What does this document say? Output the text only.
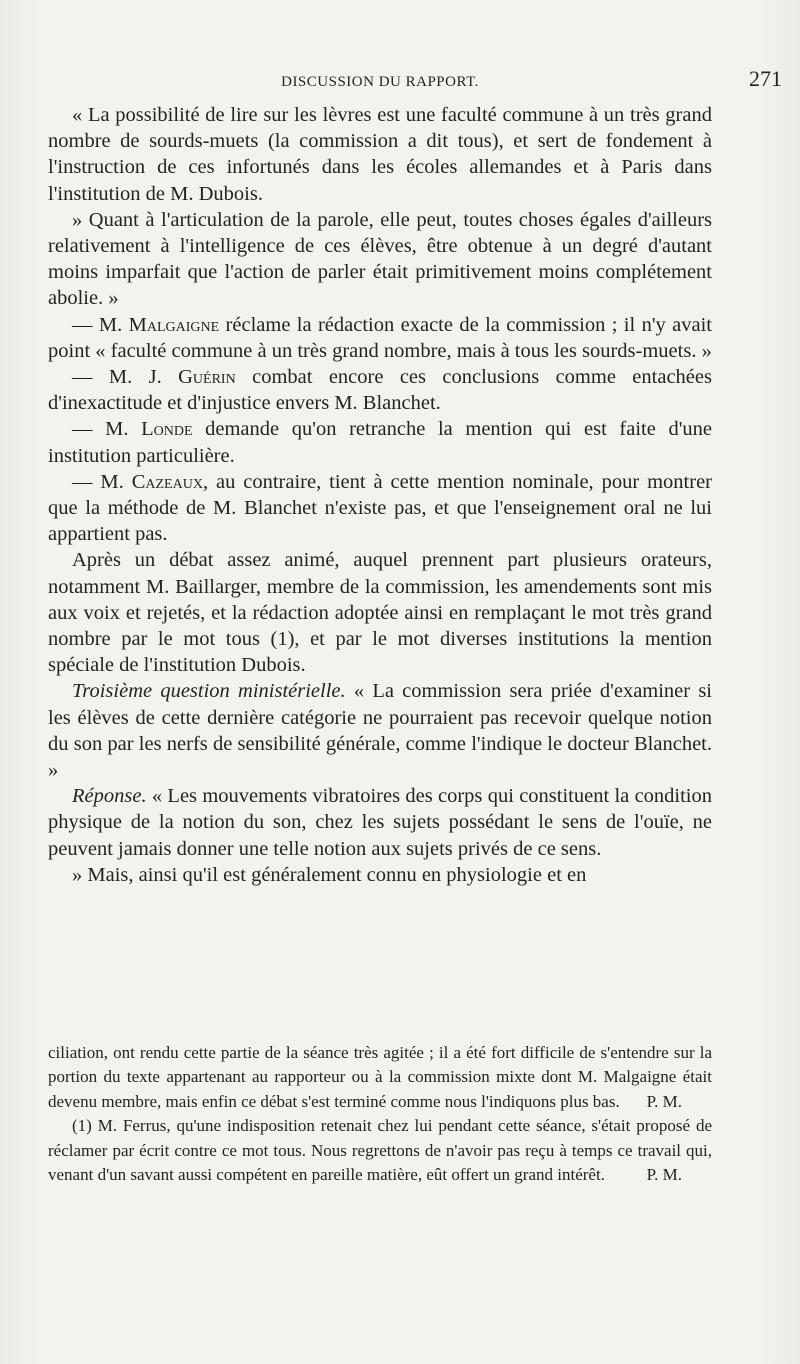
DISCUSSION DU RAPPORT.	271

« La possibilité de lire sur les lèvres est une faculté commune à un très grand nombre de sourds-muets (la commission a dit tous), et sert de fondement à l'instruction de ces infortunés dans les écoles allemandes et à Paris dans l'institution de M. Dubois.

» Quant à l'articulation de la parole, elle peut, toutes choses égales d'ailleurs relativement à l'intelligence de ces élèves, être obtenue à un degré d'autant moins imparfait que l'action de parler était primitivement moins complétement abolie. »

— M. Malgaigne réclame la rédaction exacte de la commission ; il n'y avait point « faculté commune à un très grand nombre, mais à tous les sourds-muets. »

— M. J. Guérin combat encore ces conclusions comme entachées d'inexactitude et d'injustice envers M. Blanchet.

— M. Londe demande qu'on retranche la mention qui est faite d'une institution particulière.

— M. Cazeaux, au contraire, tient à cette mention nominale, pour montrer que la méthode de M. Blanchet n'existe pas, et que l'enseignement oral ne lui appartient pas.

Après un débat assez animé, auquel prennent part plusieurs orateurs, notamment M. Baillarger, membre de la commission, les amendements sont mis aux voix et rejetés, et la rédaction adoptée ainsi en remplaçant le mot très grand nombre par le mot tous (1), et par le mot diverses institutions la mention spéciale de l'institution Dubois.

Troisième question ministérielle. « La commission sera priée d'examiner si les élèves de cette dernière catégorie ne pourraient pas recevoir quelque notion du son par les nerfs de sensibilité générale, comme l'indique le docteur Blanchet. »

Réponse. « Les mouvements vibratoires des corps qui constituent la condition physique de la notion du son, chez les sujets possédant le sens de l'ouïe, ne peuvent jamais donner une telle notion aux sujets privés de ce sens.

» Mais, ainsi qu'il est généralement connu en physiologie et en

ciliation, ont rendu cette partie de la séance très agitée ; il a été fort difficile de s'entendre sur la portion du texte appartenant au rapporteur ou à la commission mixte dont M. Malgaigne était devenu membre, mais enfin ce débat s'est terminé comme nous l'indiquons plus bas. P. M.

(1) M. Ferrus, qu'une indisposition retenait chez lui pendant cette séance, s'était proposé de réclamer par écrit contre ce mot tous. Nous regrettons de n'avoir pas reçu à temps ce travail qui, venant d'un savant aussi compétent en pareille matière, eût offert un grand intérêt.	P. M.
